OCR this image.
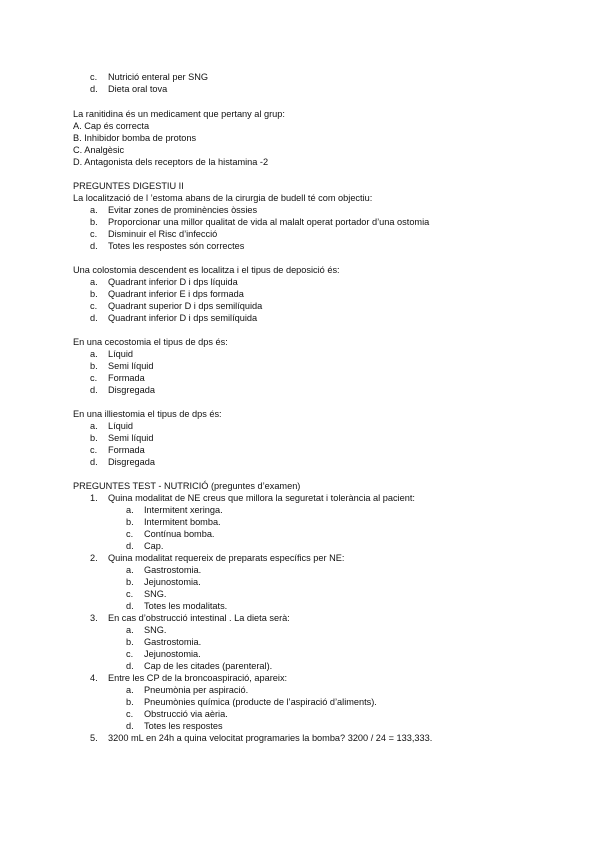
c. Nutrició enteral per SNG
d. Dieta oral tova
La ranitidina és un medicament que pertany al grup:
A. Cap és correcta
B. Inhibidor bomba de protons
C. Analgèsic
D. Antagonista dels receptors de la histamina -2
PREGUNTES DIGESTIU II
La localització de l ’estoma abans de la cirurgia de budell té com objectiu:
a. Evitar zones de prominències òssies
b. Proporcionar una millor qualitat de vida al malalt operat portador d’una ostomia
c. Disminuir el Risc d’infecció
d. Totes les respostes són correctes
Una colostomia descendent es localitza i el tipus de deposició és:
a. Quadrant inferior D i dps líquida
b. Quadrant inferior E i dps formada
c. Quadrant superior D i dps semilíquida
d. Quadrant inferior D i dps semilíquida
En una cecostomia el tipus de dps és:
a. Líquid
b. Semi líquid
c. Formada
d. Disgregada
En una illiestomia el tipus de dps és:
a. Líquid
b. Semi líquid
c. Formada
d. Disgregada
PREGUNTES TEST - NUTRICIÓ (preguntes d’examen)
1. Quina modalitat de NE creus que millora la seguretat i tolerància al pacient:
a. Intermitent xeringa.
b. Intermitent bomba.
c. Contínua bomba.
d. Cap.
2. Quina modalitat requereix de preparats específics per NE:
a. Gastrostomia.
b. Jejunostomia.
c. SNG.
d. Totes les modalitats.
3. En cas d’obstrucció intestinal . La dieta serà:
a. SNG.
b. Gastrostomia.
c. Jejunostomia.
d. Cap de les citades (parenteral).
4. Entre les CP de la broncoaspiració, apareix:
a. Pneumònia per aspiració.
b. Pneumònies química (producte de l’aspiració d’aliments).
c. Obstrucció via aèria.
d. Totes les respostes
5. 3200 mL en 24h a quina velocitat programaries la bomba? 3200 / 24 = 133,333.
